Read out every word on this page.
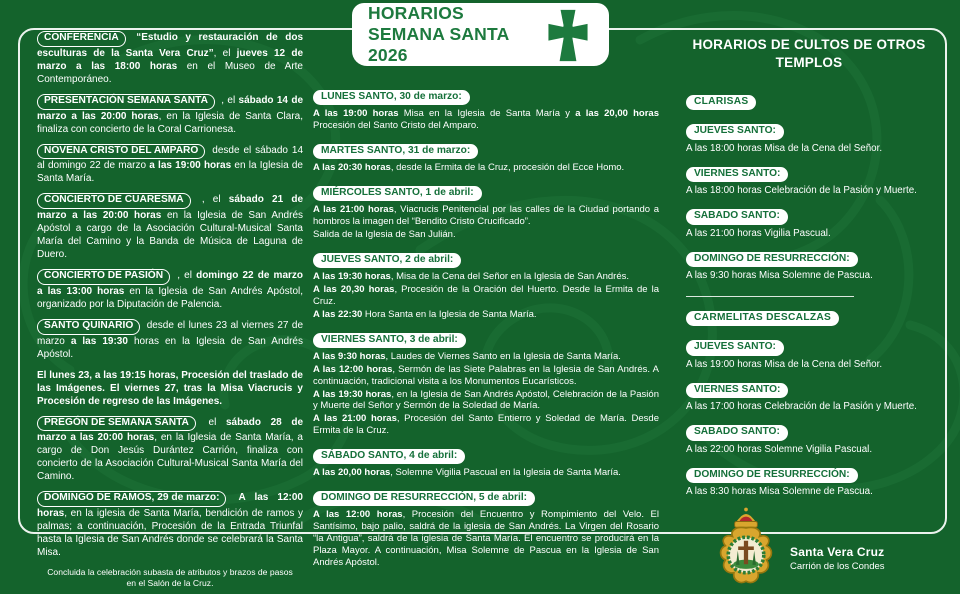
HORARIOS
SEMANA SANTA 2026

CONFERENCIA “Estudio y restauración de dos esculturas de la Santa Vera Cruz”, el jueves 12 de marzo a las 18:00 horas en el Museo de Arte Contemporáneo.

PRESENTACIÓN SEMANA SANTA , el sábado 14 de marzo a las 20:00 horas, en la Iglesia de Santa Clara, finaliza con concierto de la Coral Carrionesa.

NOVENA CRISTO DEL AMPARO desde el sábado 14 al domingo 22 de marzo a las 19:00 horas en la Iglesia de Santa María.

CONCIERTO DE CUARESMA , el sábado 21 de marzo a las 20:00 horas en la Iglesia de San Andrés Apóstol a cargo de la Asociación Cultural-Musical Santa María del Camino y la Banda de Música de Laguna de Duero.

CONCIERTO DE PASIÓN , el domingo 22 de marzo a las 13:00 horas en la Iglesia de San Andrés Apóstol, organizado por la Diputación de Palencia.

SANTO QUINARIO desde el lunes 23 al viernes 27 de marzo a las 19:30 horas en la Iglesia de San Andrés Apóstol.

El lunes 23, a las 19:15 horas, Procesión del traslado de las Imágenes. El viernes 27, tras la Misa Viacrucis y Procesión de regreso de las Imágenes.

PREGÓN DE SEMANA SANTA el sábado 28 de marzo a las 20:00 horas, en la Iglesia de Santa María, a cargo de Don Jesús Durántez Carrión, finaliza con concierto de la Asociación Cultural-Musical Santa María del Camino.

DOMINGO DE RAMOS, 29 de marzo: A las 12:00 horas, en la iglesia de Santa María, bendición de ramos y palmas; a continuación, Procesión de la Entrada Triunfal hasta la Iglesia de San Andrés donde se celebrará la Santa Misa.

Concluida la celebración subasta de atributos y brazos de pasos en el Salón de la Cruz.

LUNES SANTO, 30 de marzo:

A las 19:00 horas Misa en la Iglesia de Santa María y a las 20,00 horas Procesión del Santo Cristo del Amparo.

MARTES SANTO, 31 de marzo:

A las 20:30 horas, desde la Ermita de la Cruz, procesión del Ecce Homo.

MIÉRCOLES SANTO, 1 de abril:

A las 21:00 horas, Viacrucis Penitencial por las calles de la Ciudad portando a hombros la imagen del “Bendito Cristo Crucificado”.

Salida de la Iglesia de San Julián.

JUEVES SANTO, 2 de abril:

A las 19:30 horas, Misa de la Cena del Señor en la Iglesia de San Andrés.

A las 20,30 horas, Procesión de la Oración del Huerto. Desde la Ermita de la Cruz.

A las 22:30 Hora Santa en la Iglesia de Santa María.

VIERNES SANTO, 3 de abril:

A las 9:30 horas, Laudes de Viernes Santo en la Iglesia de Santa María.

A las 12:00 horas, Sermón de las Siete Palabras en la Iglesia de San Andrés. A continuación, tradicional visita a los Monumentos Eucarísticos.

A las 19:30 horas, en la Iglesia de San Andrés Apóstol, Celebración de la Pasión y Muerte del Señor y Sermón de la Soledad de María.

A las 21:00 horas, Procesión del Santo Entierro y Soledad de María. Desde Ermita de la Cruz.

SÁBADO SANTO, 4 de abril:

A las 20,00 horas, Solemne Vigilia Pascual en la Iglesia de Santa María.

DOMINGO DE RESURRECCIÓN, 5 de abril:

A las 12:00 horas, Procesión del Encuentro y Rompimiento del Velo. El Santísimo, bajo palio, saldrá de la iglesia de San Andrés. La Virgen del Rosario “la Antigua”, saldrá de la iglesia de Santa María. El encuentro se producirá en la Plaza Mayor. A continuación, Misa Solemne de Pascua en la Iglesia de San Andrés Apóstol.

HORARIOS DE CULTOS DE OTROS TEMPLOS
CLARISAS
JUEVES SANTO:

A las 18:00 horas Misa de la Cena del Señor.

VIERNES SANTO:

A las 18:00 horas Celebración de la Pasión y Muerte.

SABADO SANTO:

A las 21:00 horas Vigilia Pascual.

DOMINGO DE RESURRECCIÓN:

A las 9:30 horas Misa Solemne de Pascua.

CARMELITAS DESCALZAS
JUEVES SANTO:

A las 19:00 horas Misa de la Cena del Señor.

VIERNES SANTO:

A las 17:00 horas Celebración de la Pasión y Muerte.

SABADO SANTO:

A las 22:00 horas Solemne Vigilia Pascual.

DOMINGO DE RESURRECCIÓN:

A las 8:30 horas Misa Solemne de Pascua.

Santa Vera Cruz
Carrión de los Condes
